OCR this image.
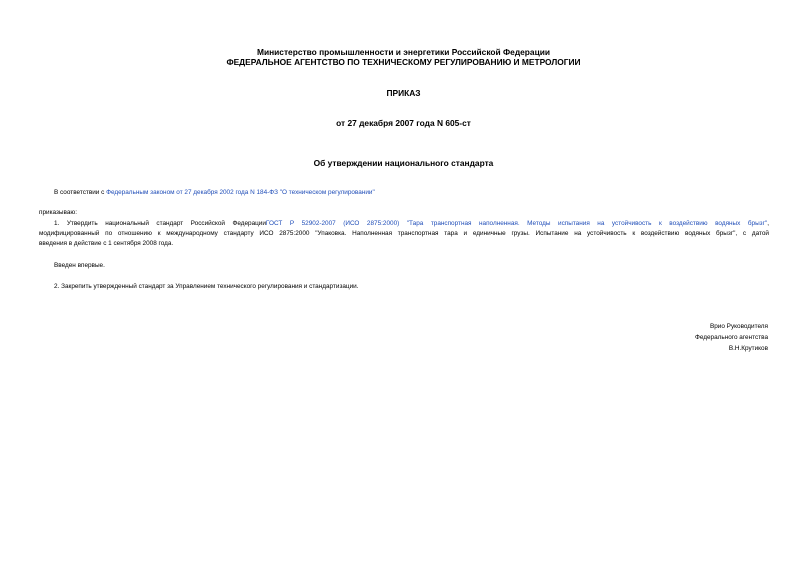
Министерство промышленности и энергетики Российской Федерации
ФЕДЕРАЛЬНОЕ АГЕНТСТВО ПО ТЕХНИЧЕСКОМУ РЕГУЛИРОВАНИЮ И МЕТРОЛОГИИ
ПРИКАЗ
от 27 декабря 2007 года N 605-ст
Об утверждении национального стандарта
В соответствии с Федеральным законом от 27 декабря 2002 года N 184-ФЗ "О техническом регулировании"
приказываю:
1. Утвердить национальный стандарт Российской ФедерацииГОСТ Р 52902-2007 (ИСО 2875:2000) "Тара транспортная наполненная. Методы испытания на устойчивость к воздействию водяных брызг",
модифицированный по отношению к международному стандарту ИСО 2875:2000 "Упаковка. Наполненная транспортная тара и единичные грузы. Испытание на устойчивость к воздействию водяных брызг", с датой
введения в действие с 1 сентября 2008 года.
Введен впервые.
2. Закрепить утвержденный стандарт за Управлением технического регулирования и стандартизации.
Врио Руководителя
Федерального агентства
В.Н.Крутиков
